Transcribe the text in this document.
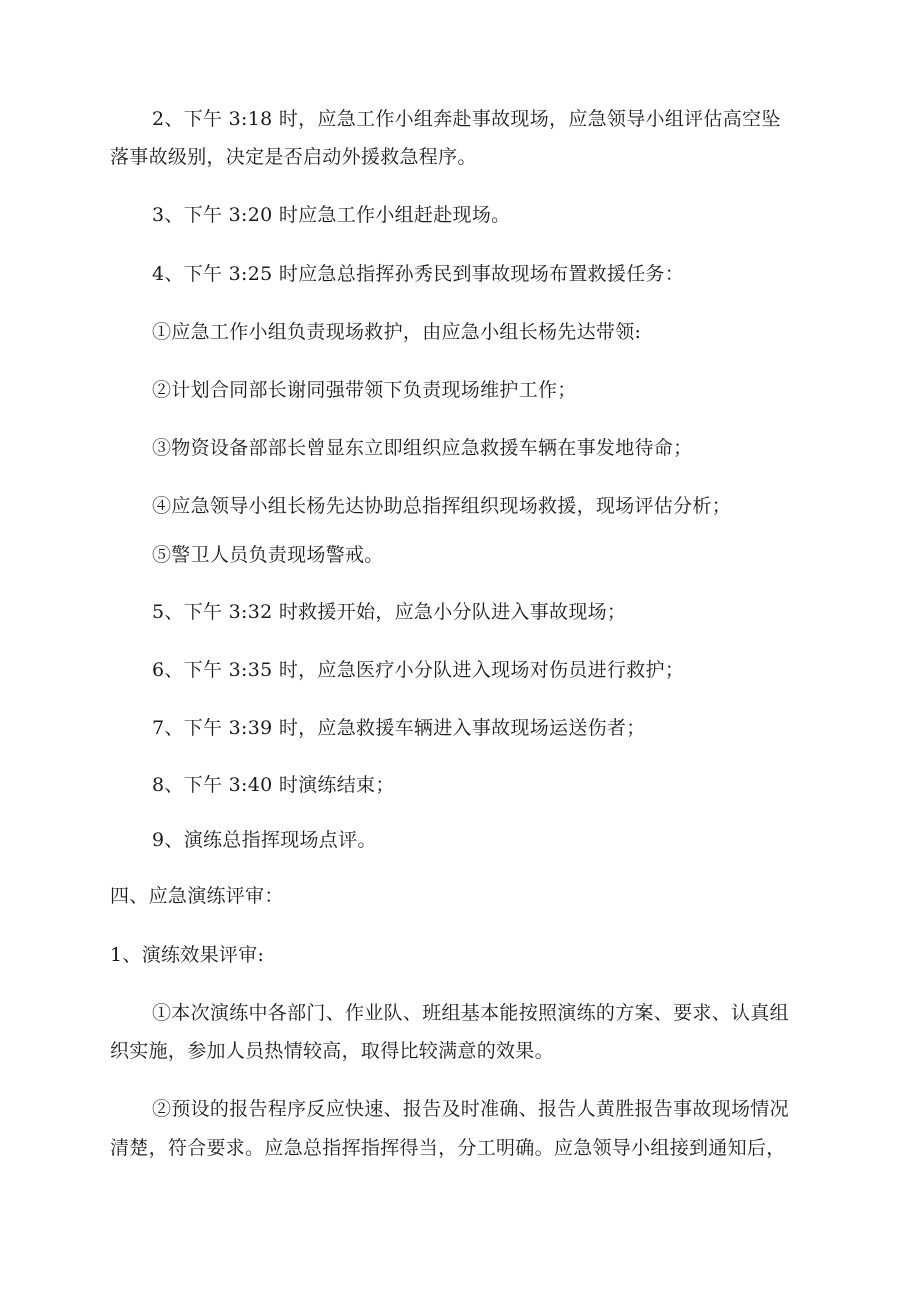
2、下午 3:18 时，应急工作小组奔赴事故现场，应急领导小组评估高空坠
落事故级别，决定是否启动外援救急程序。
3、下午 3:20 时应急工作小组赶赴现场。
4、下午 3:25 时应急总指挥孙秀民到事故现场布置救援任务：
①应急工作小组负责现场救护，由应急小组长杨先达带领:
②计划合同部长谢同强带领下负责现场维护工作；
③物资设备部部长曾显东立即组织应急救援车辆在事发地待命；
④应急领导小组长杨先达协助总指挥组织现场救援，现场评估分析；
⑤警卫人员负责现场警戒。
5、下午 3:32 时救援开始，应急小分队进入事故现场；
6、下午 3:35 时，应急医疗小分队进入现场对伤员进行救护；
7、下午 3:39 时，应急救援车辆进入事故现场运送伤者；
8、下午 3:40 时演练结束；
9、演练总指挥现场点评。
四、应急演练评审：
1、演练效果评审:
①本次演练中各部门、作业队、班组基本能按照演练的方案、要求、认真组
织实施，参加人员热情较高，取得比较满意的效果。
②预设的报告程序反应快速、报告及时准确、报告人黄胜报告事故现场情况
清楚，符合要求。应急总指挥指挥得当，分工明确。应急领导小组接到通知后，
